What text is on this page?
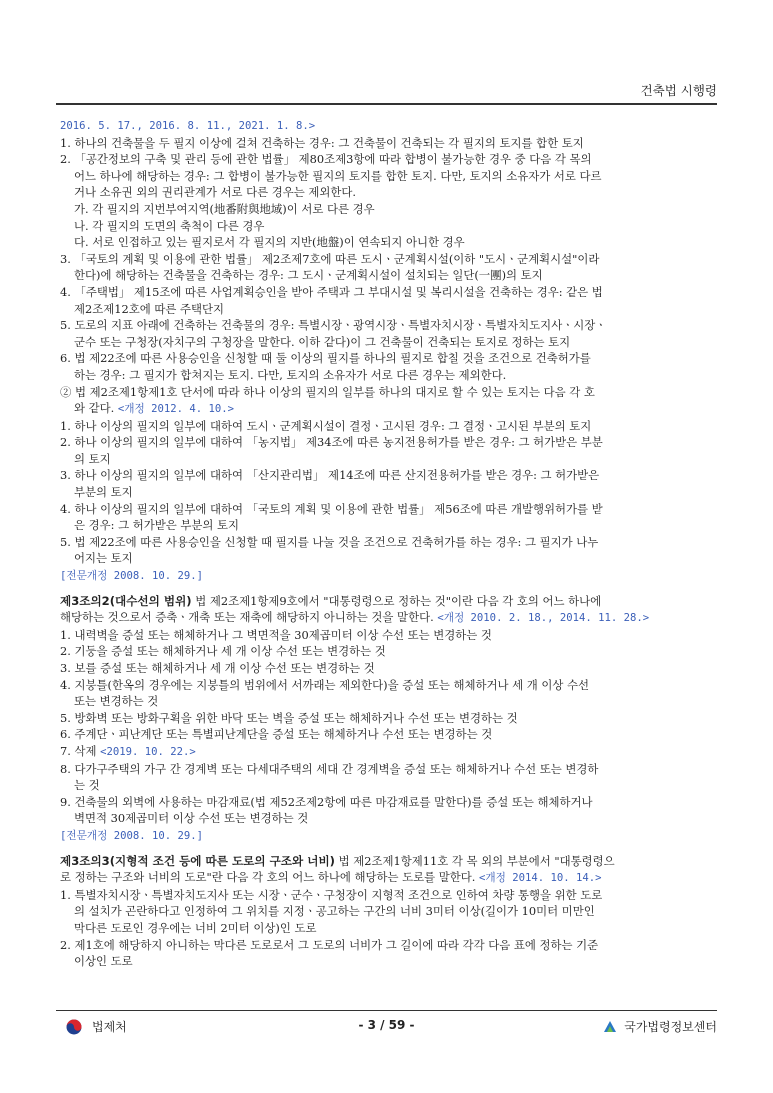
건축법 시행령
2016. 5. 17., 2016. 8. 11., 2021. 1. 8.>
1. 하나의 건축물을 두 필지 이상에 걸쳐 건축하는 경우: 그 건축물이 건축되는 각 필지의 토지를 합한 토지
2. 「공간정보의 구축 및 관리 등에 관한 법률」 제80조제3항에 따라 합병이 불가능한 경우 중 다음 각 목의
어느 하나에 해당하는 경우: 그 합병이 불가능한 필지의 토지를 합한 토지. 다만, 토지의 소유자가 서로 다르
거나 소유권 외의 권리관계가 서로 다른 경우는 제외한다.
가. 각 필지의 지번부여지역(地番附與地域)이 서로 다른 경우
나. 각 필지의 도면의 축척이 다른 경우
다. 서로 인접하고 있는 필지로서 각 필지의 지반(地盤)이 연속되지 아니한 경우
3. 「국토의 계획 및 이용에 관한 법률」 제2조제7호에 따른 도시ㆍ군계획시설(이하 "도시ㆍ군계획시설"이라
한다)에 해당하는 건축물을 건축하는 경우: 그 도시ㆍ군계획시설이 설치되는 일단(一團)의 토지
4. 「주택법」 제15조에 따른 사업계획승인을 받아 주택과 그 부대시설 및 복리시설을 건축하는 경우: 같은 법
제2조제12호에 따른 주택단지
5. 도로의 지표 아래에 건축하는 건축물의 경우: 특별시장ㆍ광역시장ㆍ특별자치시장ㆍ특별자치도지사ㆍ시장ㆍ
군수 또는 구청장(자치구의 구청장을 말한다. 이하 같다)이 그 건축물이 건축되는 토지로 정하는 토지
6. 법 제22조에 따른 사용승인을 신청할 때 둘 이상의 필지를 하나의 필지로 합칠 것을 조건으로 건축허가를
하는 경우: 그 필지가 합쳐지는 토지. 다만, 토지의 소유자가 서로 다른 경우는 제외한다.
② 법 제2조제1항제1호 단서에 따라 하나 이상의 필지의 일부를 하나의 대지로 할 수 있는 토지는 다음 각 호
와 같다. <개정 2012. 4. 10.>
1. 하나 이상의 필지의 일부에 대하여 도시ㆍ군계획시설이 결정ㆍ고시된 경우: 그 결정ㆍ고시된 부분의 토지
2. 하나 이상의 필지의 일부에 대하여 「농지법」 제34조에 따른 농지전용허가를 받은 경우: 그 허가받은 부분
의 토지
3. 하나 이상의 필지의 일부에 대하여 「산지관리법」 제14조에 따른 산지전용허가를 받은 경우: 그 허가받은
부분의 토지
4. 하나 이상의 필지의 일부에 대하여 「국토의 계획 및 이용에 관한 법률」 제56조에 따른 개발행위허가를 받
은 경우: 그 허가받은 부분의 토지
5. 법 제22조에 따른 사용승인을 신청할 때 필지를 나눌 것을 조건으로 건축허가를 하는 경우: 그 필지가 나누
어지는 토지
[전문개정 2008. 10. 29.]
제3조의2(대수선의 범위) 법 제2조제1항제9호에서 "대통령령으로 정하는 것"이란 다음 각 호의 어느 하나에
해당하는 것으로서 증축ㆍ개축 또는 재축에 해당하지 아니하는 것을 말한다. <개정 2010. 2. 18., 2014. 11. 28.>
1. 내력벽을 증설 또는 해체하거나 그 벽면적을 30제곱미터 이상 수선 또는 변경하는 것
2. 기둥을 증설 또는 해체하거나 세 개 이상 수선 또는 변경하는 것
3. 보를 증설 또는 해체하거나 세 개 이상 수선 또는 변경하는 것
4. 지붕틀(한옥의 경우에는 지붕틀의 범위에서 서까래는 제외한다)을 증설 또는 해체하거나 세 개 이상 수선
또는 변경하는 것
5. 방화벽 또는 방화구획을 위한 바닥 또는 벽을 증설 또는 해체하거나 수선 또는 변경하는 것
6. 주계단ㆍ피난계단 또는 특별피난계단을 증설 또는 해체하거나 수선 또는 변경하는 것
7. 삭제 <2019. 10. 22.>
8. 다가구주택의 가구 간 경계벽 또는 다세대주택의 세대 간 경계벽을 증설 또는 해체하거나 수선 또는 변경하
는 것
9. 건축물의 외벽에 사용하는 마감재료(법 제52조제2항에 따른 마감재료를 말한다)를 증설 또는 해체하거나
벽면적 30제곱미터 이상 수선 또는 변경하는 것
[전문개정 2008. 10. 29.]
제3조의3(지형적 조건 등에 따른 도로의 구조와 너비) 법 제2조제1항제11호 각 목 외의 부분에서 "대통령령으
로 정하는 구조와 너비의 도로"란 다음 각 호의 어느 하나에 해당하는 도로를 말한다. <개정 2014. 10. 14.>
1. 특별자치시장ㆍ특별자치도지사 또는 시장ㆍ군수ㆍ구청장이 지형적 조건으로 인하여 차량 통행을 위한 도로
의 설치가 곤란하다고 인정하여 그 위치를 지정ㆍ공고하는 구간의 너비 3미터 이상(길이가 10미터 미만인
막다른 도로인 경우에는 너비 2미터 이상)인 도로
2. 제1호에 해당하지 아니하는 막다른 도로로서 그 도로의 너비가 그 길이에 따라 각각 다음 표에 정하는 기준
이상인 도로
법제처	- 3 / 59 -	국가법령정보센터
